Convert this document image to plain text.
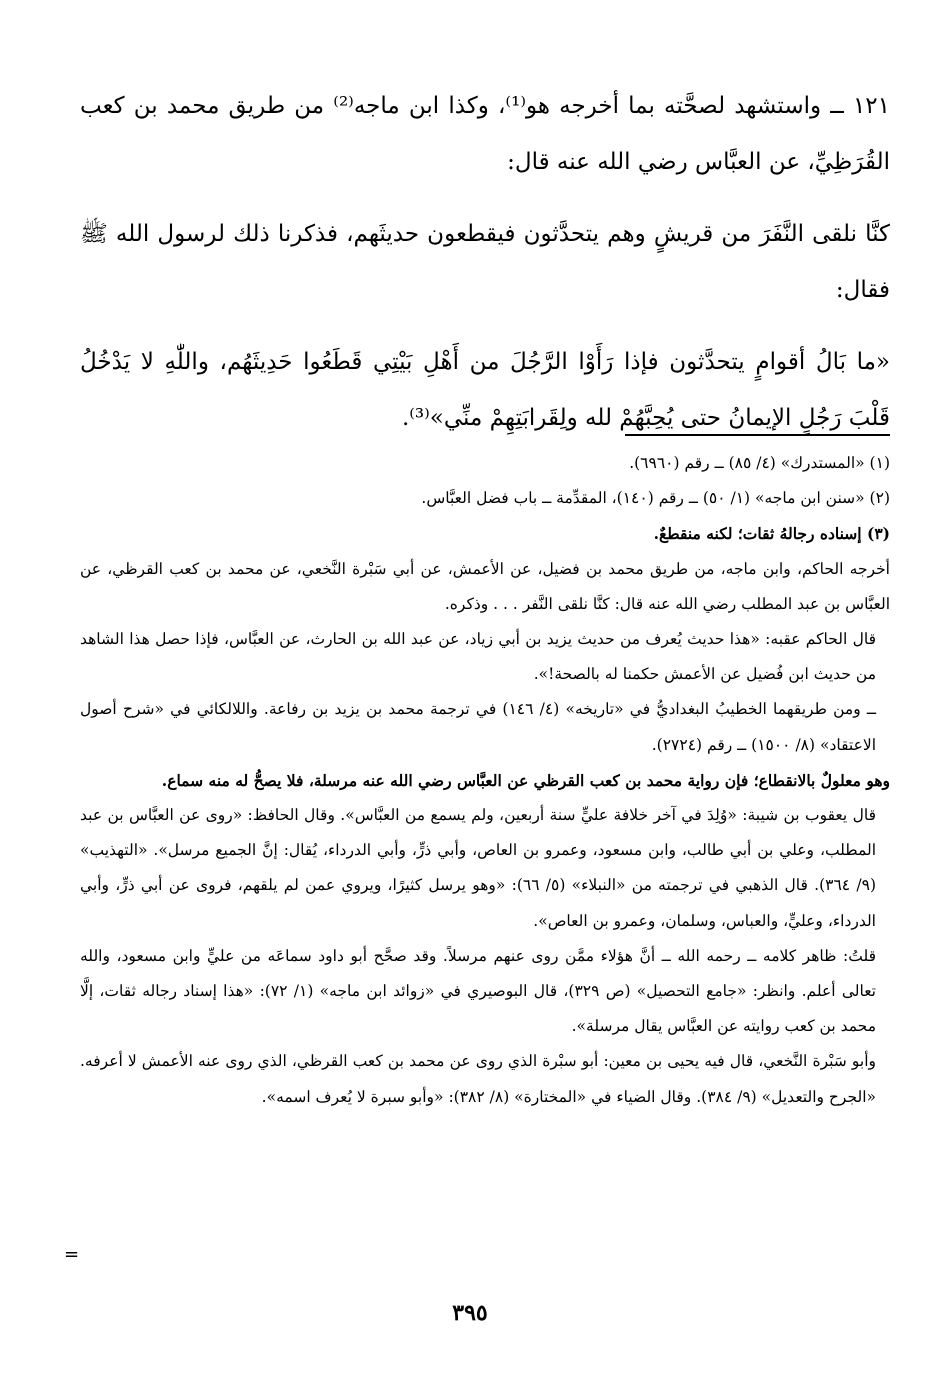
١٢١ ــ واستشهد لصحَّته بما أخرجه هو⁽¹⁾، وكذا ابن ماجه⁽²⁾ من طريق محمد بن كعب القُرَظِيِّ، عن العبَّاس رضي الله عنه قال:

كنَّا نلقى النَّفَرَ من قريشٍ وهم يتحدَّثون فيقطعون حديثَهم، فذكرنا ذلك لرسول الله ﷺ فقال:

«ما بَالُ أقوامٍ يتحدَّثون فإذا رَأَوْا الرَّجُلَ من أَهْلِ بَيْتِي قَطَعُوا حَدِيثَهُم، واللّٰهِ لا يَدْخُلُ قَلْبَ رَجُلٍ الإيمانُ حتى يُحِبَّهُمْ لله ولِقَرابَتِهِمْ منِّي»⁽³⁾.

(١) «المستدرك» (٤/ ٨٥) ــ رقم (٦٩٦٠).

(٢) «سنن ابن ماجه» (١/ ٥٠) ــ رقم (١٤٠)، المقدِّمة ــ باب فضل العبَّاس.

(٣) إسناده رجالهُ ثقات؛ لكنه منقطعٌ.

أخرجه الحاكم، وابن ماجه، من طريق محمد بن فضيل، عن الأعمش، عن أبي سَبْرة النَّخعي، عن محمد بن كعب القرظي، عن العبَّاس بن عبد المطلب رضي الله عنه قال: كنَّا نلقى النَّفر . . . وذكره.

قال الحاكم عقبه: «هذا حديث يُعرف من حديث يزيد بن أبي زياد، عن عبد الله بن الحارث، عن العبَّاس، فإذا حصل هذا الشاهد من حديث ابن فُضيل عن الأعمش حكمنا له بالصحة!».

ــ ومن طريقهما الخطيبُ البغداديُّ في «تاريخه» (٤/ ١٤٦) في ترجمة محمد بن يزيد بن رفاعة. واللالكائي في «شرح أصول الاعتقاد» (٨/ ١٥٠٠) ــ رقم (٢٧٢٤).

وهو معلولٌ بالانقطاع؛ فإن رواية محمد بن كعب القرظي عن العبَّاس رضي الله عنه مرسلة، فلا يصحُّ له منه سماع.

قال يعقوب بن شيبة: «وُلِدَ في آخر خلافة عليٍّ سنة أربعين، ولم يسمع من العبَّاس». وقال الحافظ: «روى عن العبَّاس بن عبد المطلب، وعلي بن أبي طالب، وابن مسعود، وعمرو بن العاص، وأبي ذرٍّ، وأبي الدرداء، يُقال: إنَّ الجميع مرسل». «التهذيب» (٩/ ٣٦٤). قال الذهبي في ترجمته من «النبلاء» (٥/ ٦٦): «وهو يرسل كثيرًا، ويروي عمن لم يلقهم، فروى عن أبي ذرٍّ، وأبي الدرداء، وعليٍّ، والعباس، وسلمان، وعمرو بن العاص».

قلتُ: ظاهر كلامه ــ رحمه الله ــ أنَّ هؤلاء ممَّن روى عنهم مرسلاً. وقد صحَّح أبو داود سماعَه من عليٍّ وابن مسعود، والله تعالى أعلم. وانظر: «جامع التحصيل» (ص ٣٢٩)، قال البوصيري في «زوائد ابن ماجه» (١/ ٧٢): «هذا إسناد رجاله ثقات، إلَّا محمد بن كعب روايته عن العبَّاس يقال مرسلة».

وأبو سَبْرة النَّخعي، قال فيه يحيى بن معين: أبو سبْرة الذي روى عن محمد بن كعب القرظي، الذي روى عنه الأعمش لا أعرفه. «الجرح والتعديل» (٩/ ٣٨٤). وقال الضياء في «المختارة» (٨/ ٣٨٢): «وأبو سبرة لا يُعرف اسمه».

=
٣٩٥
